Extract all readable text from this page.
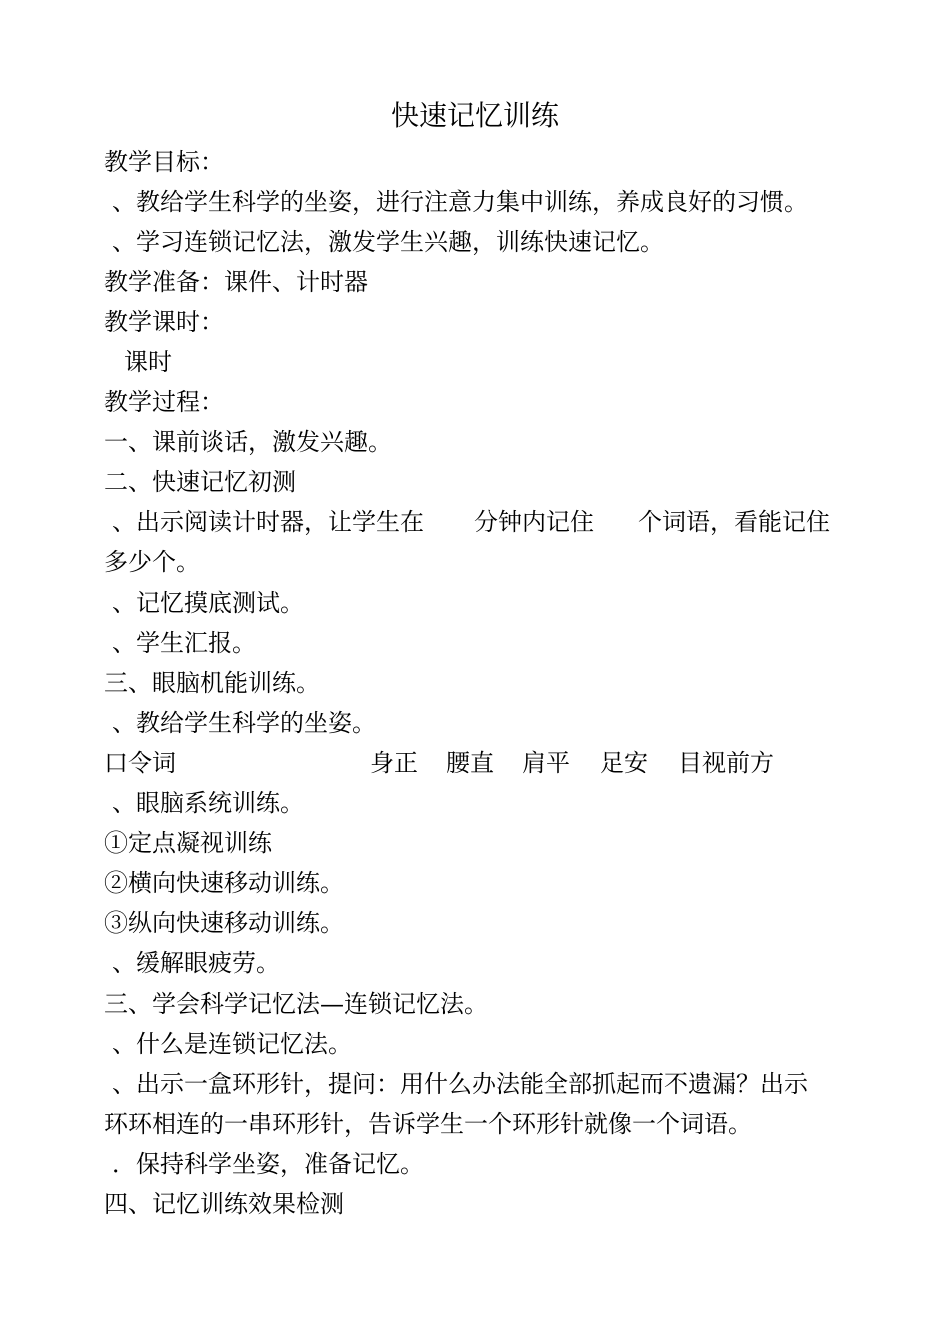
快速记忆训练
教学目标：
、教给学生科学的坐姿，进行注意力集中训练，养成良好的习惯。
、学习连锁记忆法，激发学生兴趣，训练快速记忆。
教学准备：课件、计时器
教学课时：
课时
教学过程：
一、课前谈话，激发兴趣。
二、快速记忆初测
、出示阅读计时器，让学生在 分钟内记住 个词语，看能记住
多少个。
、记忆摸底测试。
、学生汇报。
三、眼脑机能训练。
、教给学生科学的坐姿。
口令词	身正 腰直 肩平 足安 目视前方
、眼脑系统训练。
①定点凝视训练
②横向快速移动训练。
③纵向快速移动训练。
、缓解眼疲劳。
三、学会科学记忆法—连锁记忆法。
、什么是连锁记忆法。
、出示一盒环形针，提问：用什么办法能全部抓起而不遗漏？出示
环环相连的一串环形针，告诉学生一个环形针就像一个词语。
．保持科学坐姿，准备记忆。
四、记忆训练效果检测
